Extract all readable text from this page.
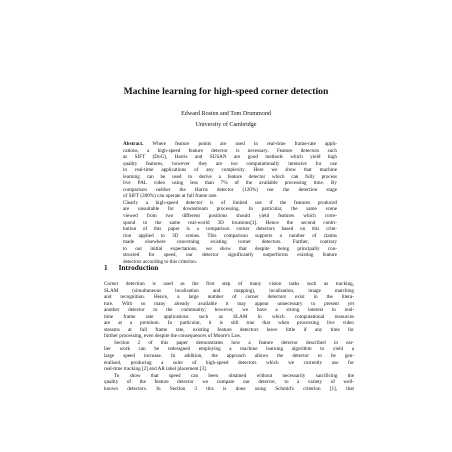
Machine learning for high-speed corner detection
Edward Rosten and Tom Drummond
University of Cambridge
Abstract. Where feature points are used in real-time frame-rate appli-
cations, a high-speed feature detector is necessary. Feature detectors such
as SIFT (DoG), Harris and SUSAN are good methods which yield high
quality features, however they are too computationally intensive for use
in real-time applications of any complexity. Here we show that machine
learning can be used to derive a feature detector which can fully process
live PAL video using less than 7% of the available processing time. By
comparison neither the Harris detector (120%) nor the detection stage
of SIFT (300%) can operate at full frame rate.
Clearly a high-speed detector is of limited use if the features produced
are unsuitable for downstream processing. In particular, the same scene
viewed from two different positions should yield features which corre-
spond to the same real-world 3D locations[1]. Hence the second contri-
bution of this paper is a comparison corner detectors based on this crite-
rion applied to 3D scenes. This comparison supports a number of claims
made elsewhere concerning existing corner detectors. Further, contrary
to our initial expectations, we show that despite being principally con-
structed for speed, our detector significantly outperforms existing feature
detectors according to this criterion.
1 Introduction
Corner detection is used as the first step of many vision tasks such as tracking,
SLAM (simultaneous localisation and mapping), localisation, image matching
and recognition. Hence, a large number of corner detectors exist in the litera-
ture. With so many already available it may appear unnecessary to present yet
another detector to the community; however, we have a strong interest in real-
time frame rate applications such as SLAM in which computational resources
are at a premium. In particular, it is still true that when processing live video
streams at full frame rate, existing feature detectors leave little if any time for
further processing, even despite the consequences of Moore's Law.
Section 2 of this paper demonstrates how a feature detector described in ear-
lier work can be redesigned employing a machine learning algorithm to yield a
large speed increase. In addition, the approach allows the detector to be gen-
eralised, producing a suite of high-speed detectors which we currently use for
real-time tracking [2] and AR label placement [3].
To show that speed can been obtained without necessarily sacrificing the
quality of the feature detector we compare our detector, to a variety of well-
known detectors. In Section 3 this is done using Schmid's criterion [1], that
